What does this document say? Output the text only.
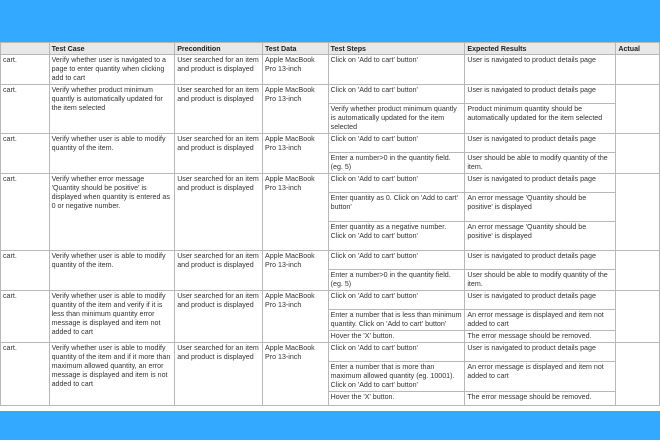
	Test Case	Precondition	Test Data	Test Steps	Expected Results	Actual
cart.	Verify whether user is navigated to a page to enter quantity when clicking add to cart	User searched for an item and product is displayed	Apple MacBook Pro 13-inch	Click on 'Add to cart' button'	User is navigated to product details page	
cart.	Verify whether product minimum quantly is automatically updated for the item selected	User searched for an item and product is displayed	Apple MacBook Pro 13-inch	Click on 'Add to cart' button'	User is navigated to product details page	
				Verify whether product minimum quantly is automatically updated for the item selected	Product minimum quantity should be automatically updated for the item selected	
cart.	Verify whether user is able to modify quantity of the item.	User searched for an item and product is displayed	Apple MacBook Pro 13-inch	Click on 'Add to cart' button'	User is navigated to product details page	
				Enter a number>0 in the quantity field. (eg. 5)	User should be able to modify quantity of the item.	
cart.	Verify whether error message 'Quantity should be positive' is displayed when quantity is entered as 0 or negative number.	User searched for an item and product is displayed	Apple MacBook Pro 13-inch	Click on 'Add to cart' button'	User is navigated to product details page	
				Enter quantity as 0. Click on 'Add to cart' button'	An error message 'Quantity should be positive' is displayed	
				Enter quantity as a negative number. Click on 'Add to cart' button'	An error message 'Quantity should be positive' is displayed	
cart.	Verify whether user is able to modify quantity of the item.	User searched for an item and product is displayed	Apple MacBook Pro 13-inch	Click on 'Add to cart' button'	User is navigated to product details page	
				Enter a number>0 in the quantity field. (eg. 5)	User should be able to modify quantity of the item.	
cart.	Verify whether user is able to modify quantity of the item and verify if it is less than minimum quantity error message is displayed and item not added to cart	User searched for an item and product is displayed	Apple MacBook Pro 13-inch	Click on 'Add to cart' button'	User is navigated to product details page	
				Enter a number that is less than minimum quantity. Click on 'Add to cart' button'	An error message is displayed and item not added to cart	
				Hover the 'X' button.	The error message should be removed.	
cart.	Verify whether user is able to modify quantity of the item and if it more than maximum allowed quantity, an error message is displayed and item is not added to cart	User searched for an item and product is displayed	Apple MacBook Pro 13-inch	Click on 'Add to cart' button'	User is navigated to product details page	
				Enter a number that is more than maximum allowed quantity (eg. 10001). Click on 'Add to cart' button'	An error message is displayed and item not added to cart	
				Hover the 'X' button.	The error message should be removed.	
